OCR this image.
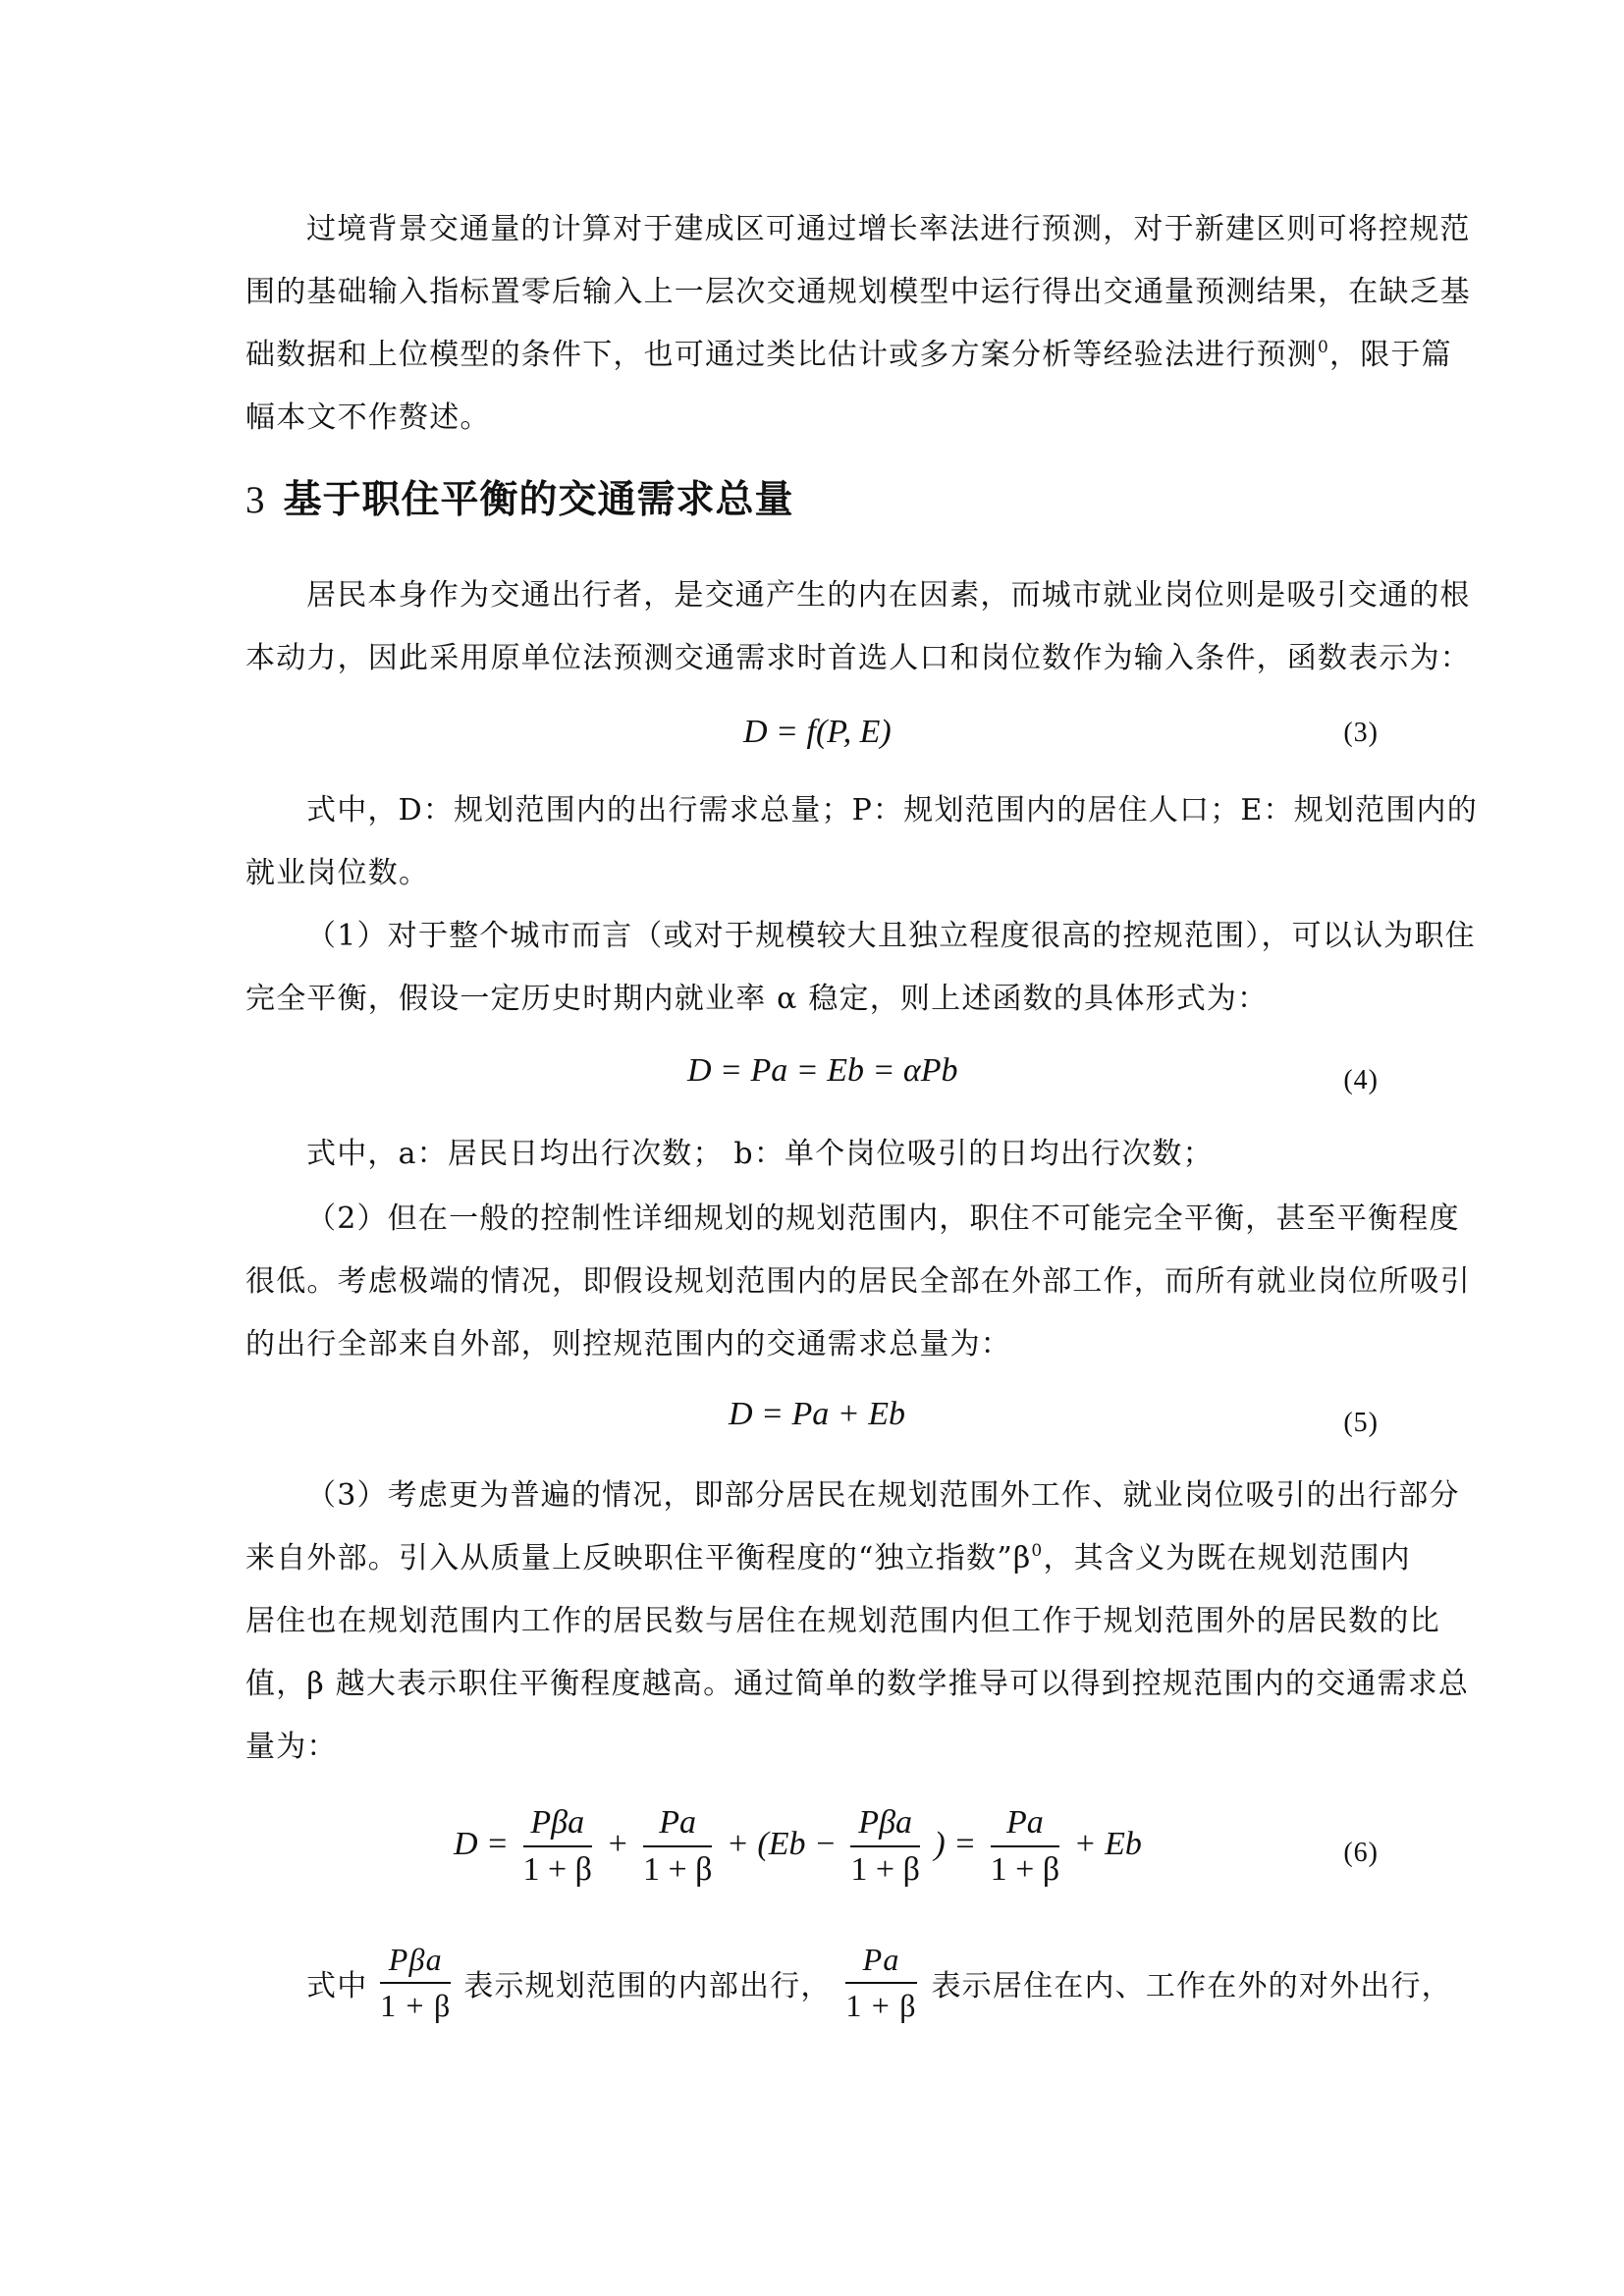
过境背景交通量的计算对于建成区可通过增长率法进行预测，对于新建区则可将控规范
围的基础输入指标置零后输入上一层次交通规划模型中运行得出交通量预测结果，在缺乏基
础数据和上位模型的条件下，也可通过类比估计或多方案分析等经验法进行预测$^0$，限于篇
幅本文不作赘述。

3 基于职住平衡的交通需求总量

居民本身作为交通出行者，是交通产生的内在因素，而城市就业岗位则是吸引交通的根
本动力，因此采用原单位法预测交通需求时首选人口和岗位数作为输入条件，函数表示为：

D = f(P, E)	(3)

式中，D：规划范围内的出行需求总量；P：规划范围内的居住人口；E：规划范围内的
就业岗位数。

（1）对于整个城市而言（或对于规模较大且独立程度很高的控规范围），可以认为职住
完全平衡，假设一定历史时期内就业率 α 稳定，则上述函数的具体形式为：

D = Pa = Eb = αPb	(4)

式中，a：居民日均出行次数； b：单个岗位吸引的日均出行次数；

（2）但在一般的控制性详细规划的规划范围内，职住不可能完全平衡，甚至平衡程度
很低。考虑极端的情况，即假设规划范围内的居民全部在外部工作，而所有就业岗位所吸引
的出行全部来自外部，则控规范围内的交通需求总量为：

D = Pa + Eb	(5)

（3）考虑更为普遍的情况，即部分居民在规划范围外工作、就业岗位吸引的出行部分
来自外部。引入从质量上反映职住平衡程度的“独立指数”β$^0$，其含义为既在规划范围内
居住也在规划范围内工作的居民数与居住在规划范围内但工作于规划范围外的居民数的比
值，β 越大表示职住平衡程度越高。通过简单的数学推导可以得到控规范围内的交通需求总
量为：

$D = \frac{\text{Pβa}}{1 + \beta} + \frac{Pa}{1 + \beta} + (Eb - \frac{\text{Pβa}}{1 + \beta}$ ) = $\frac{Pa}{1 + \beta} + Eb$	(6)
式中 $\frac{\text{Pβa}}{1 + \beta}$ 表示规划范围的内部出行， $\frac{Pa}{1 + \beta}$ 表示居住在内、工作在外的对外出行，
